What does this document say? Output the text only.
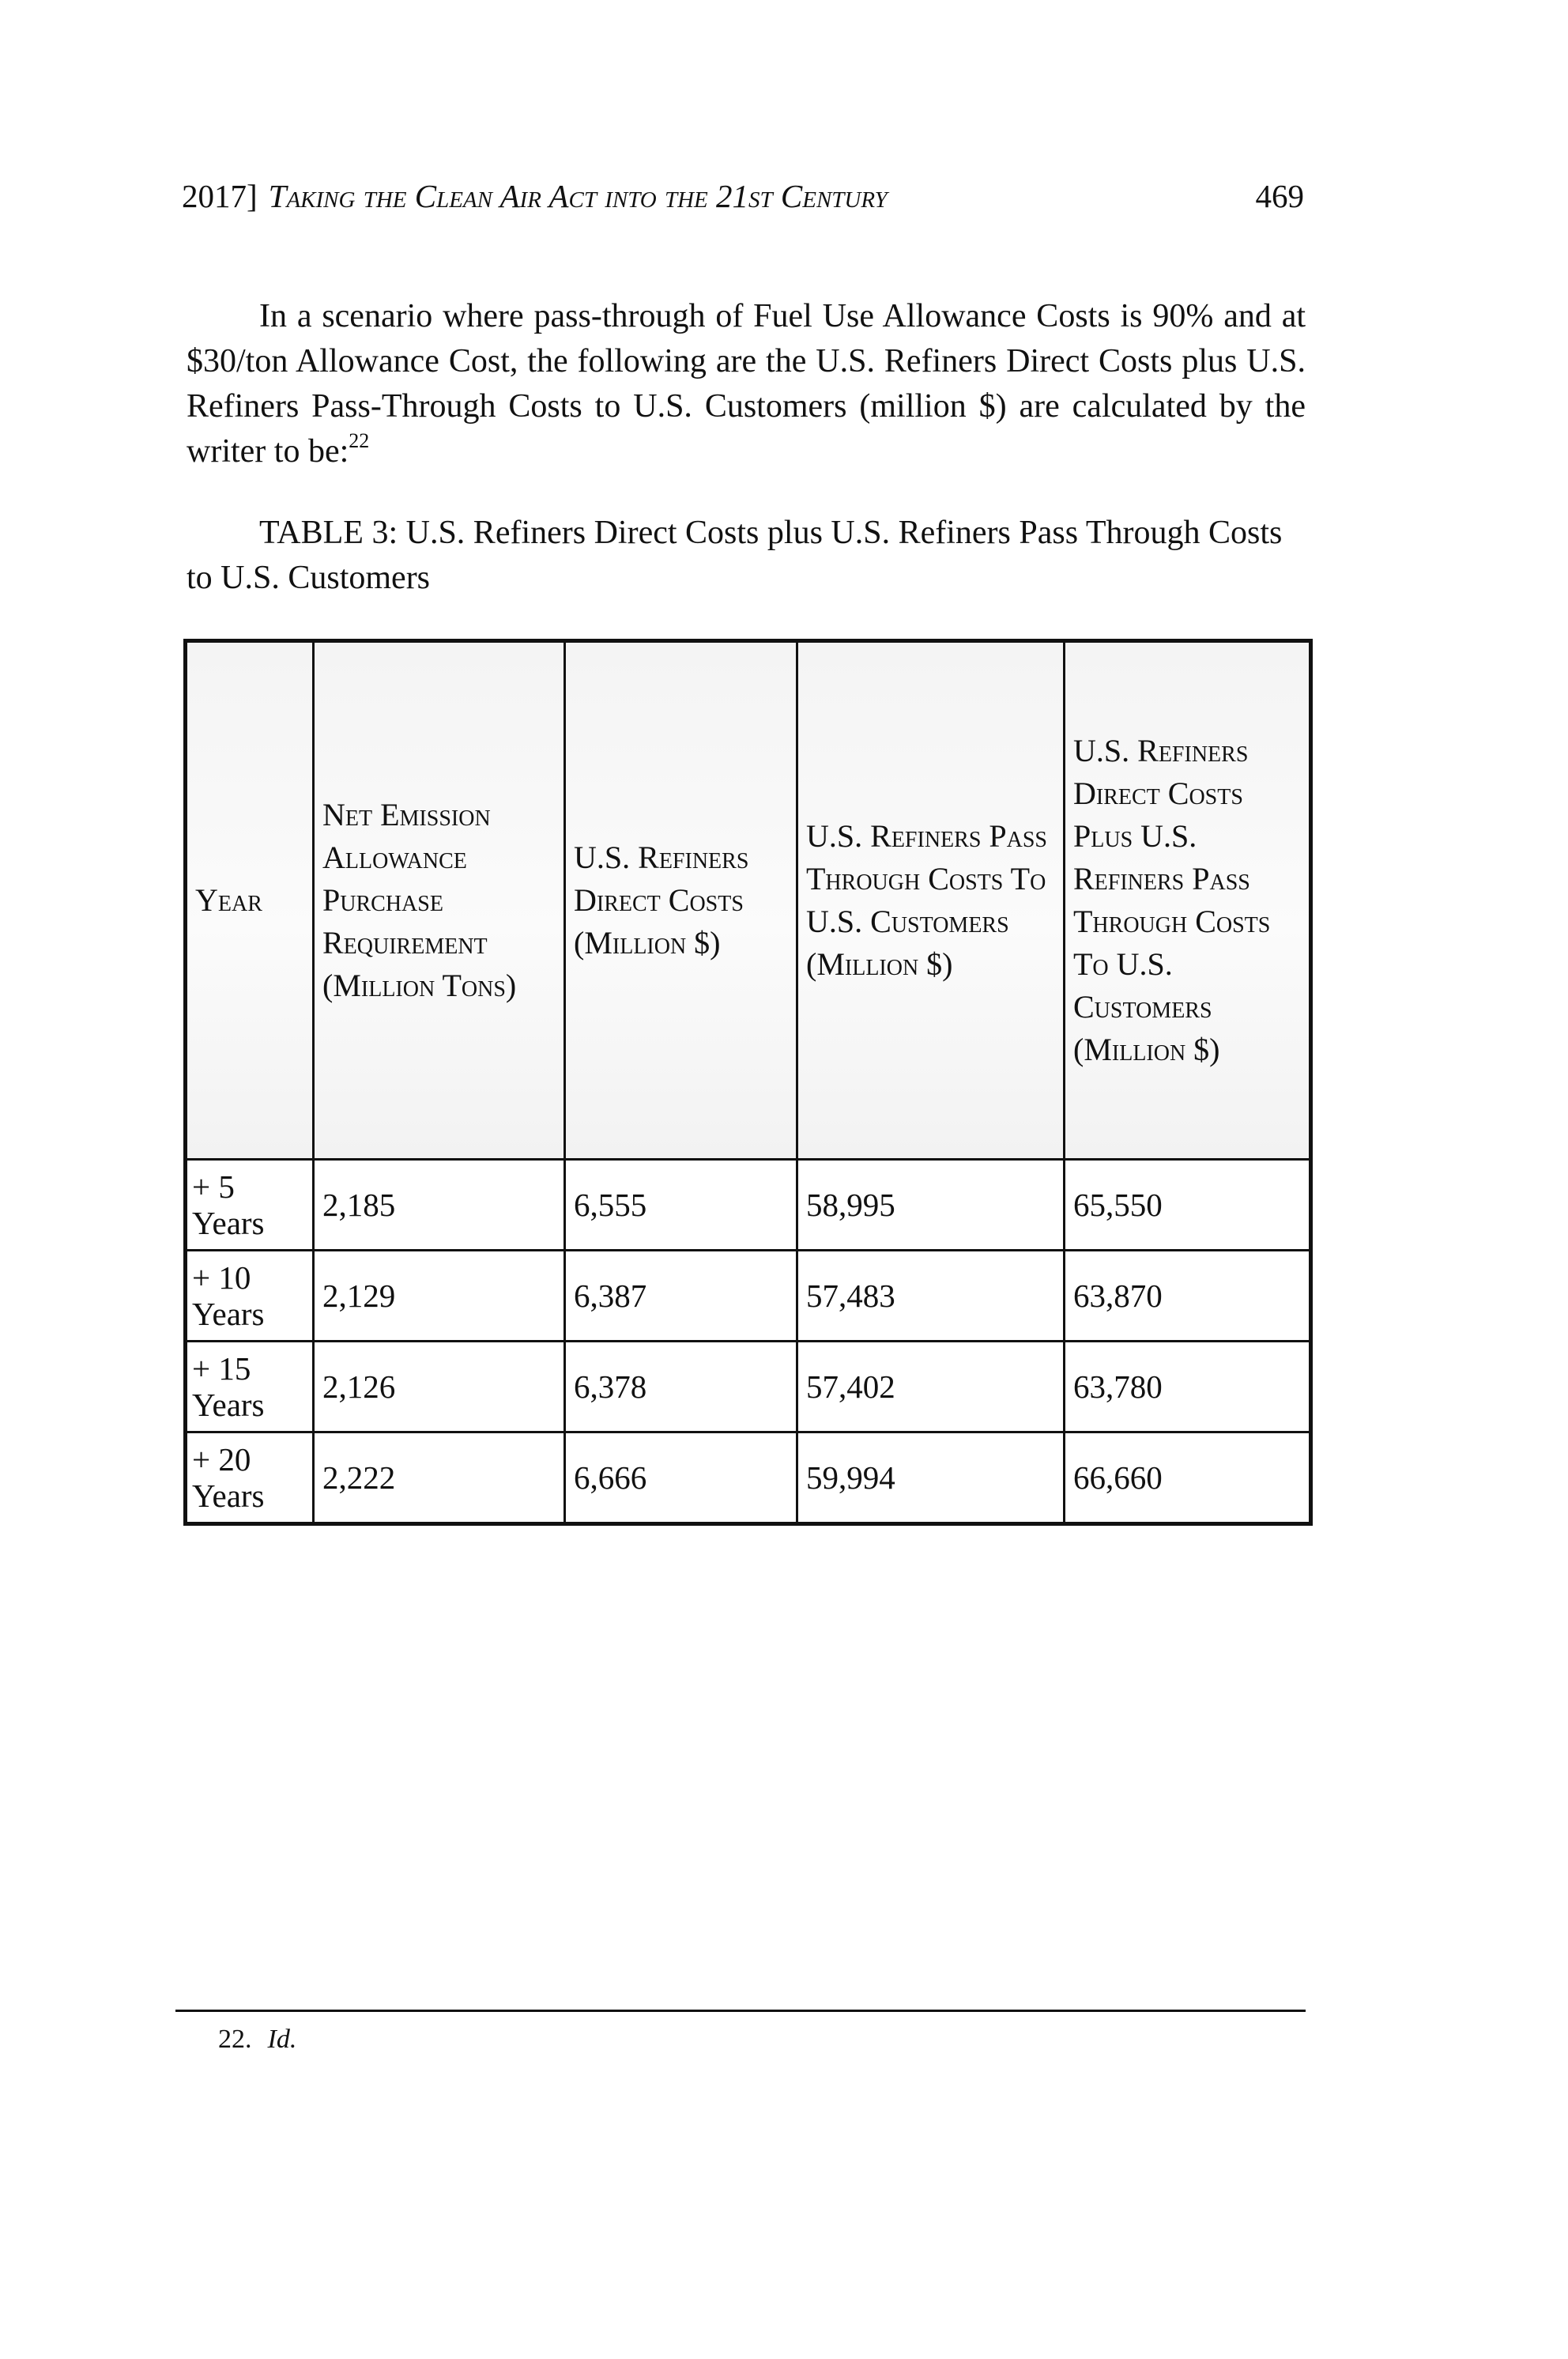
2017] Taking the Clean Air Act into the 21st Century	469

In a scenario where pass-through of Fuel Use Allowance Costs is 90% and at $30/ton Allowance Cost, the following are the U.S. Refiners Direct Costs plus U.S. Refiners Pass-Through Costs to U.S. Customers (million $) are calculated by the writer to be:$^{22}$

TABLE 3: U.S. Refiners Direct Costs plus U.S. Refiners Pass Through Costs to U.S. Customers

Year	Net Emission Allowance Purchase Requirement (Million Tons)	U.S. Refiners Direct Costs (Million $)	U.S. Refiners Pass Through Costs To U.S. Customers (Million $)	U.S. Refiners Direct Costs Plus U.S. Refiners Pass Through Costs To U.S. Customers (Million $)
+ 5 Years	2,185	6,555	58,995	65,550
+ 10 Years	2,129	6,387	57,483	63,870
+ 15 Years	2,126	6,378	57,402	63,780
+ 20 Years	2,222	6,666	59,994	66,660
22. Id.
